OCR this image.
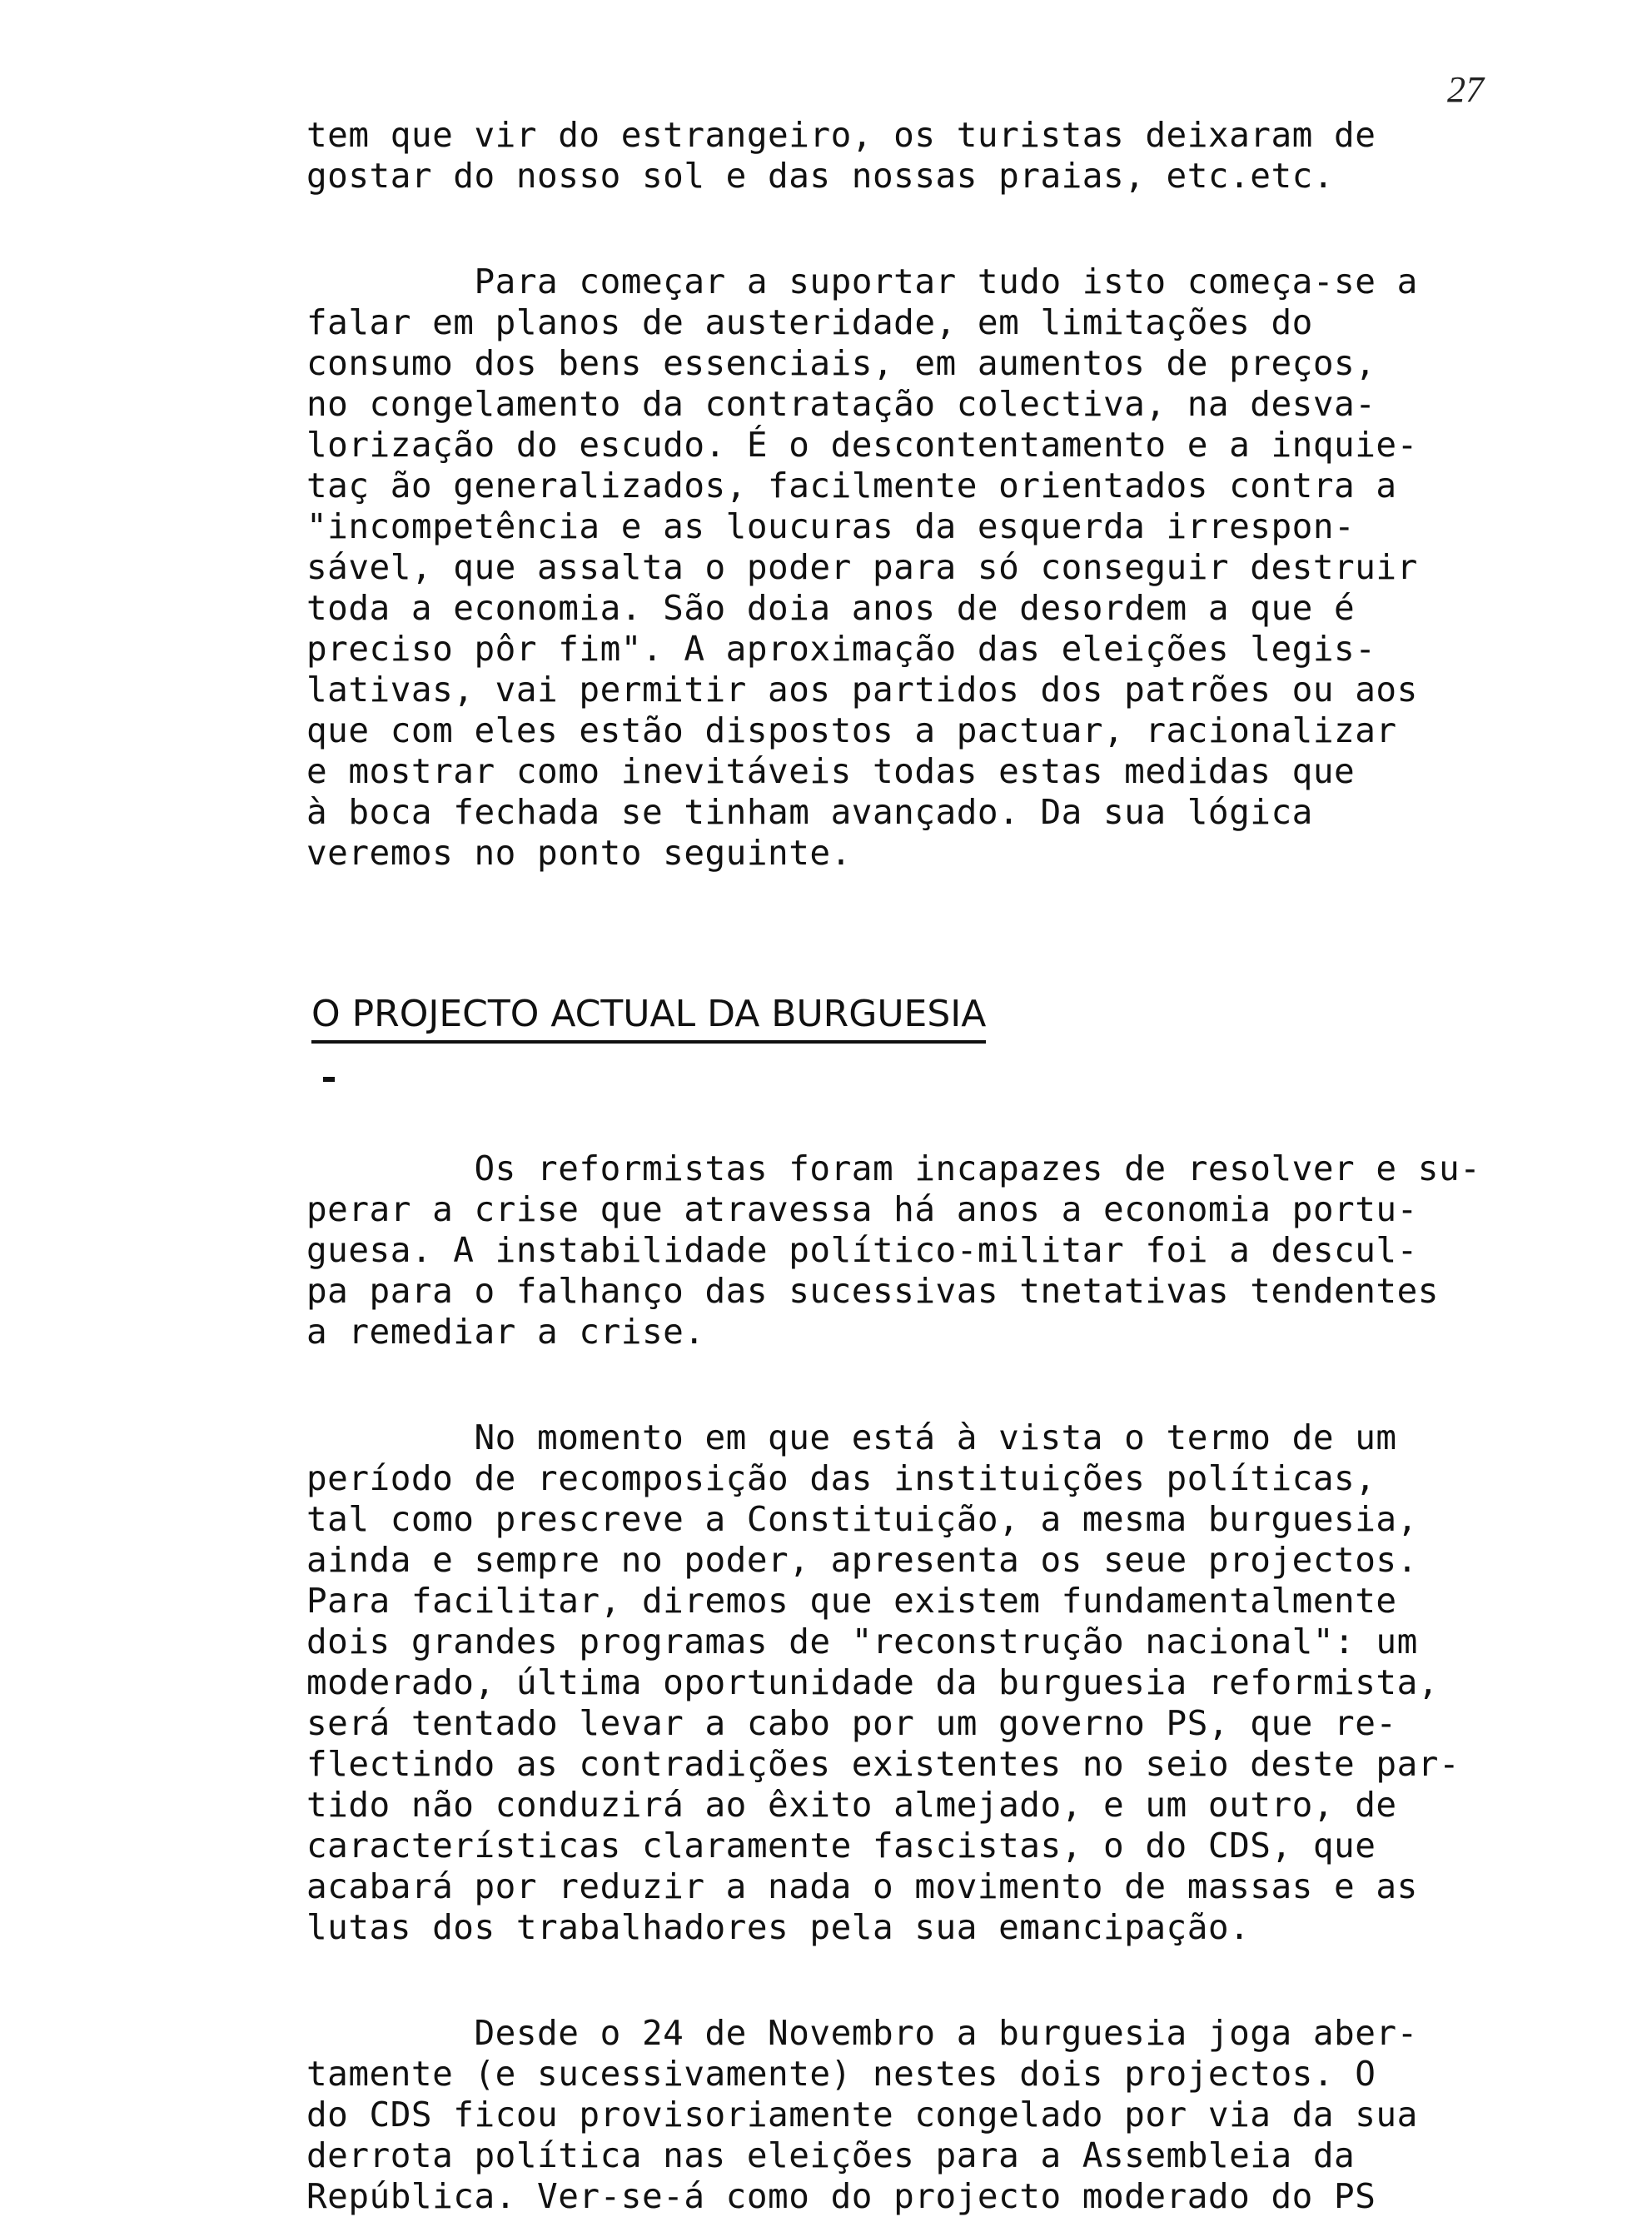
27
tem que vir do estrangeiro, os turistas deixaram de
gostar do nosso sol e das nossas praias, etc.etc.
Para começar a suportar tudo isto começa-se a
falar em planos de austeridade, em limitações do
consumo dos bens essenciais, em aumentos de preços,
no congelamento da contratação colectiva, na desva-
lorização do escudo. É o descontentamento e a inquie-
taç ão generalizados, facilmente orientados contra a
"incompetência e as loucuras da esquerda irrespon-
sável, que assalta o poder para só conseguir destruir
toda a economia. São doia anos de desordem a que é
preciso pôr fim". A aproximação das eleições legis-
lativas, vai permitir aos partidos dos patrões ou aos
que com eles estão dispostos a pactuar, racionalizar
e mostrar como inevitáveis todas estas medidas que
à boca fechada se tinham avançado. Da sua lógica
veremos no ponto seguinte.
O PROJECTO ACTUAL DA BURGUESIA
Os reformistas foram incapazes de resolver e su-
perar a crise que atravessa há anos a economia portu-
guesa. A instabilidade político-militar foi a descul-
pa para o falhanço das sucessivas tnetativas tendentes
a remediar a crise.
No momento em que está à vista o termo de um
período de recomposição das instituições políticas,
tal como prescreve a Constituição, a mesma burguesia,
ainda e sempre no poder, apresenta os seue projectos.
Para facilitar, diremos que existem fundamentalmente
dois grandes programas de "reconstrução nacional": um
moderado, última oportunidade da burguesia reformista,
será tentado levar a cabo por um governo PS, que re-
flectindo as contradições existentes no seio deste par-
tido não conduzirá ao êxito almejado, e um outro, de
características claramente fascistas, o do CDS, que
acabará por reduzir a nada o movimento de massas e as
lutas dos trabalhadores pela sua emancipação.
Desde o 24 de Novembro a burguesia joga aber-
tamente (e sucessivamente) nestes dois projectos. O
do CDS ficou provisoriamente congelado por via da sua
derrota política nas eleições para a Assembleia da
República. Ver-se-á como do projecto moderado do PS
